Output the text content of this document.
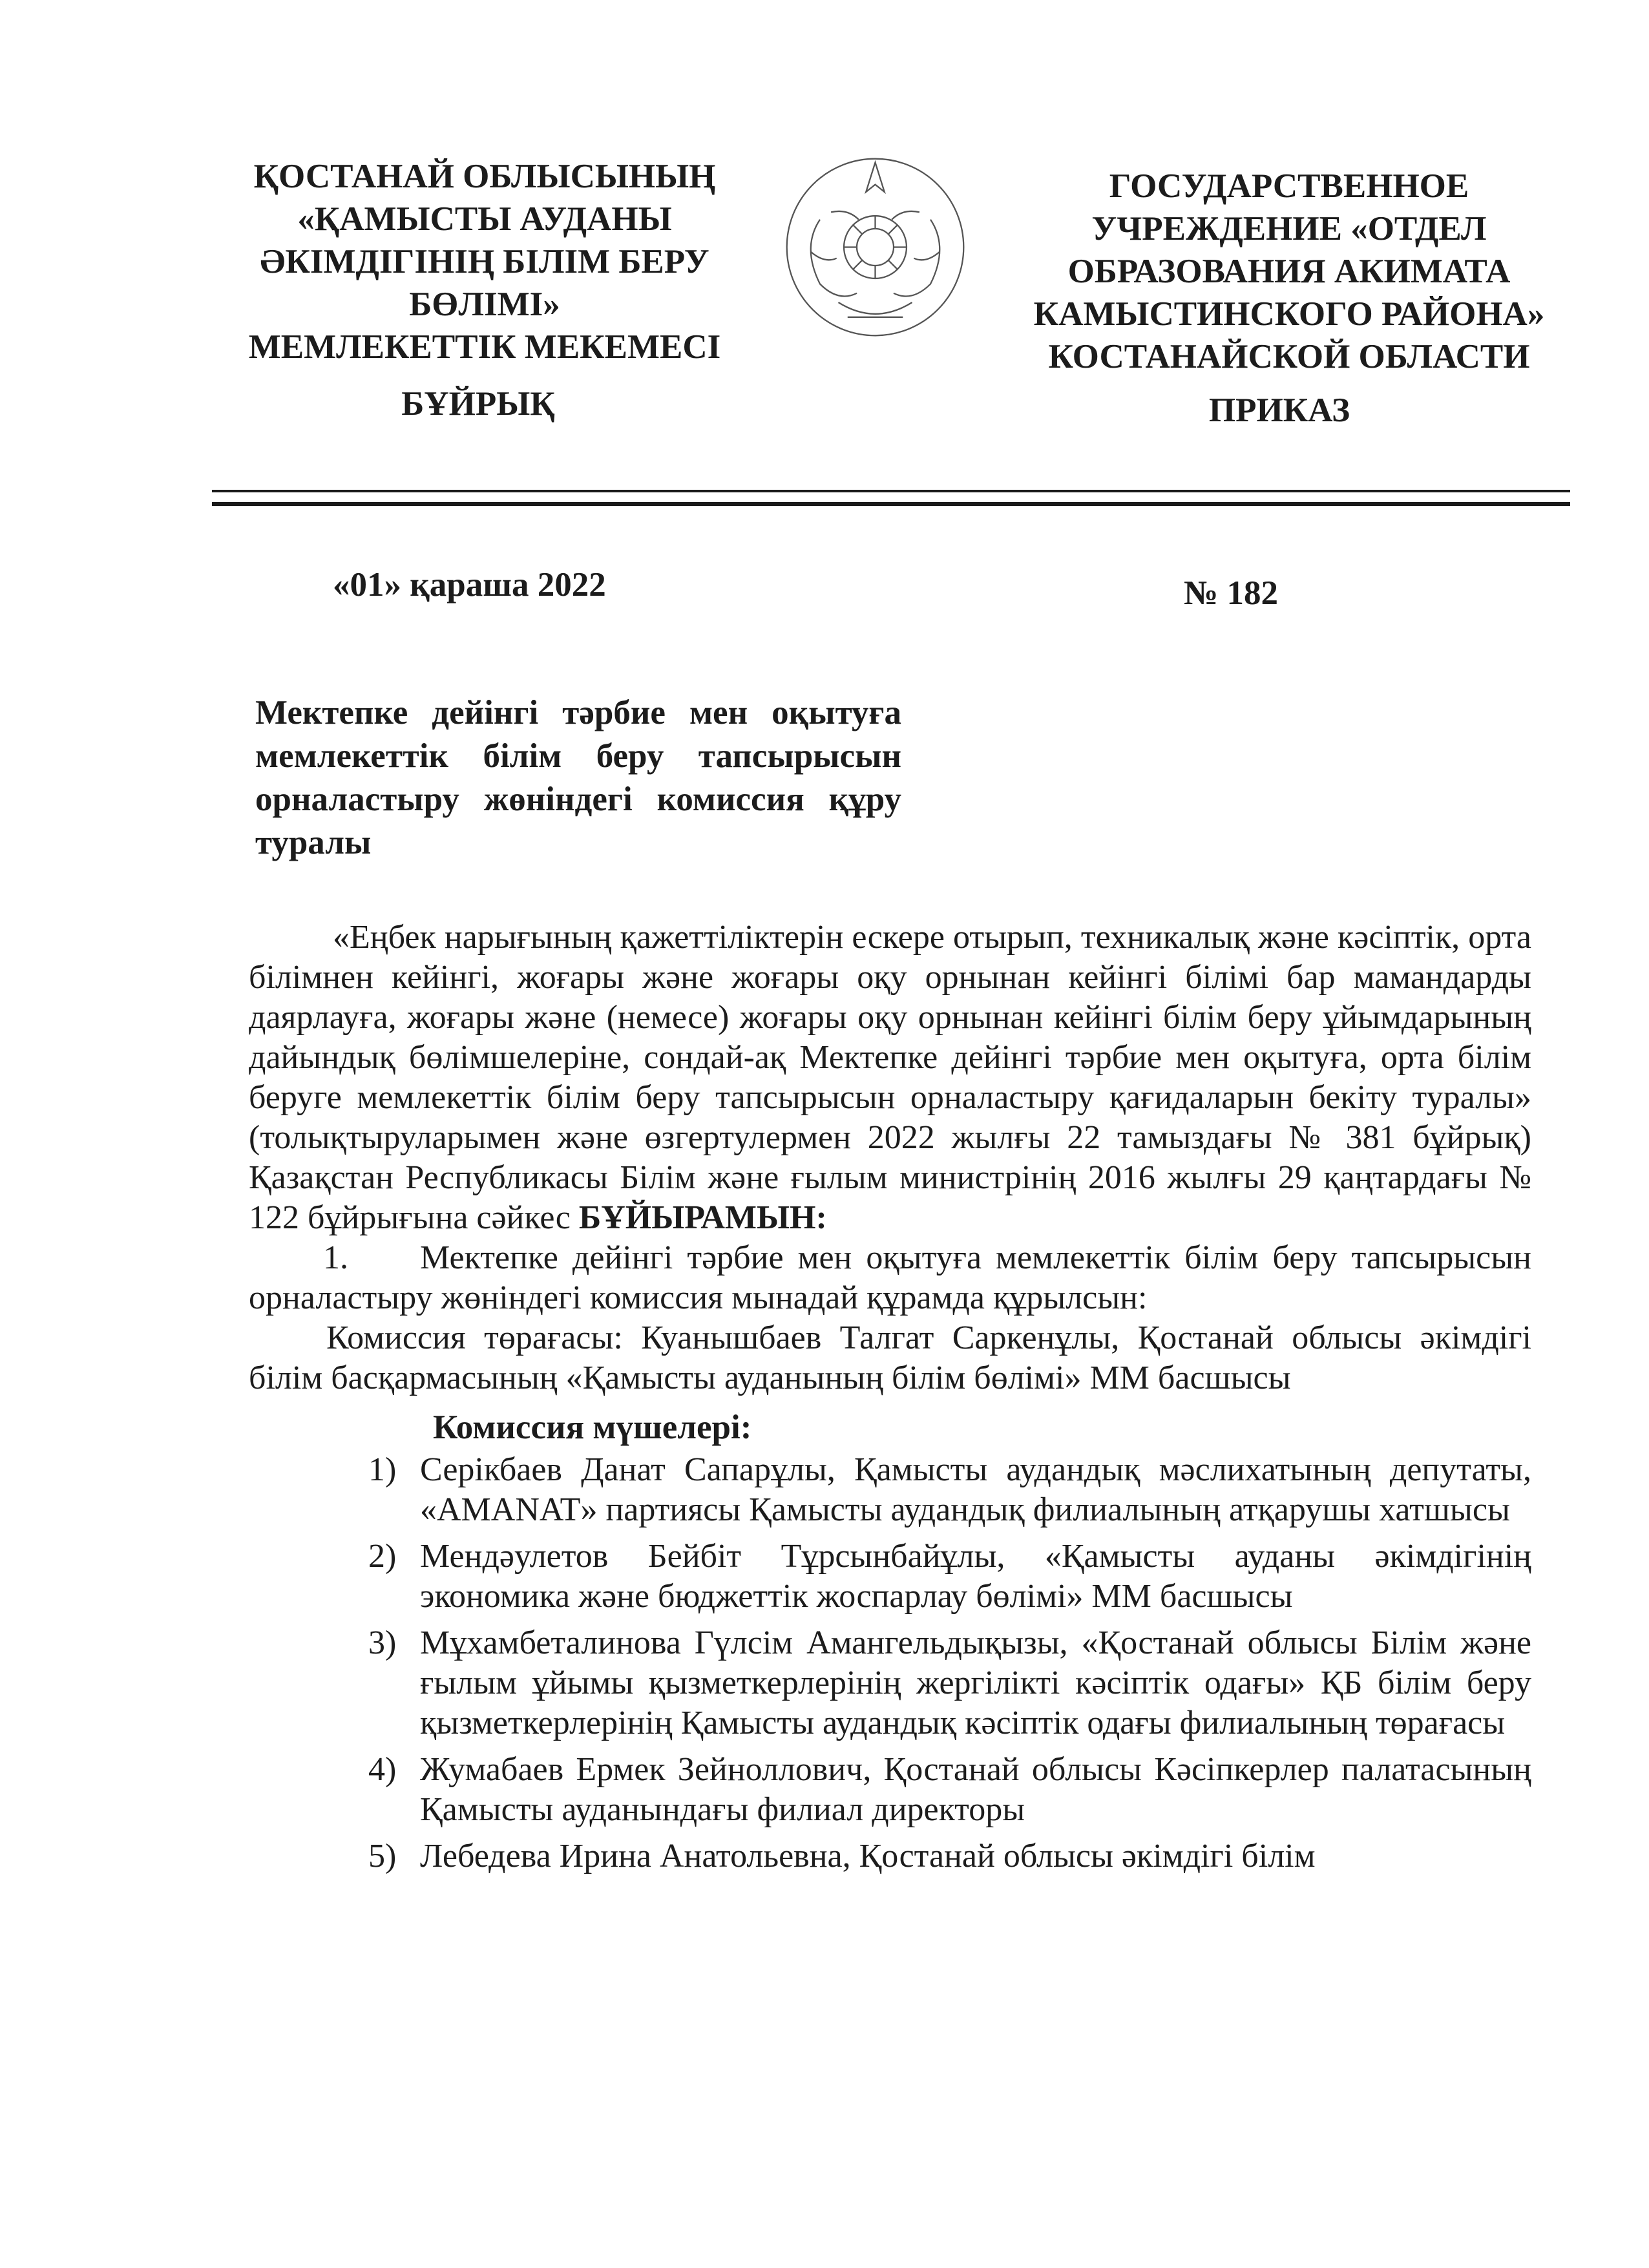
ҚОСТАНАЙ ОБЛЫСЫНЫҢ
«ҚАМЫСТЫ АУДАНЫ
ӘКІМДІГІНІҢ БІЛІМ БЕРУ
БӨЛІМІ»
МЕМЛЕКЕТТІК МЕКЕМЕСІ
ГОСУДАРСТВЕННОЕ
УЧРЕЖДЕНИЕ «ОТДЕЛ
ОБРАЗОВАНИЯ АКИМАТА
КАМЫСТИНСКОГО РАЙОНА»
КОСТАНАЙСКОЙ ОБЛАСТИ
БҰЙРЫҚ	ПРИКАЗ
«01» қараша 2022	№ 182
Мектепке дейінгі тәрбие мен оқытуға мемлекеттік білім беру тапсырысын орналастыру жөніндегі комиссия құру туралы

«Еңбек нарығының қажеттіліктерін ескере отырып, техникалық және кәсіптік, орта білімнен кейінгі, жоғары және жоғары оқу орнынан кейінгі білімі бар мамандарды даярлауға, жоғары және (немесе) жоғары оқу орнынан кейінгі білім беру ұйымдарының дайындық бөлімшелеріне, сондай-ақ Мектепке дейінгі тәрбие мен оқытуға, орта білім беруге мемлекеттік білім беру тапсырысын орналастыру қағидаларын бекіту туралы» (толықтыруларымен және өзгертулермен 2022 жылғы 22 тамыздағы № 381 бұйрық) Қазақстан Республикасы Білім және ғылым министрінің 2016 жылғы 29 қаңтардағы № 122 бұйрығына сәйкес БҰЙЫРАМЫН:

1. Мектепке дейінгі тәрбие мен оқытуға мемлекеттік білім беру тапсырысын орналастыру жөніндегі комиссия мынадай құрамда құрылсын:

Комиссия төрағасы: Куанышбаев Талгат Саркенұлы, Қостанай облысы әкімдігі білім басқармасының «Қамысты ауданының білім бөлімі» ММ басшысы

Комиссия мүшелері:

1) Серікбаев Данат Сапарұлы, Қамысты аудандық мәслихатының депутаты, «AMANAT» партиясы Қамысты аудандық филиалының атқарушы хатшысы
2) Мендәулетов Бейбіт Тұрсынбайұлы, «Қамысты ауданы әкімдігінің экономика және бюджеттік жоспарлау бөлімі» ММ басшысы
3) Мұхамбеталинова Гүлсім Амангельдықызы, «Қостанай облысы Білім және ғылым ұйымы қызметкерлерінің жергілікті кәсіптік одағы» ҚБ білім беру қызметкерлерінің Қамысты аудандық кәсіптік одағы филиалының төрағасы
4) Жумабаев Ермек Зейноллович, Қостанай облысы Кәсіпкерлер палатасының Қамысты ауданындағы филиал директоры
5) Лебедева Ирина Анатольевна, Қостанай облысы әкімдігі білім
